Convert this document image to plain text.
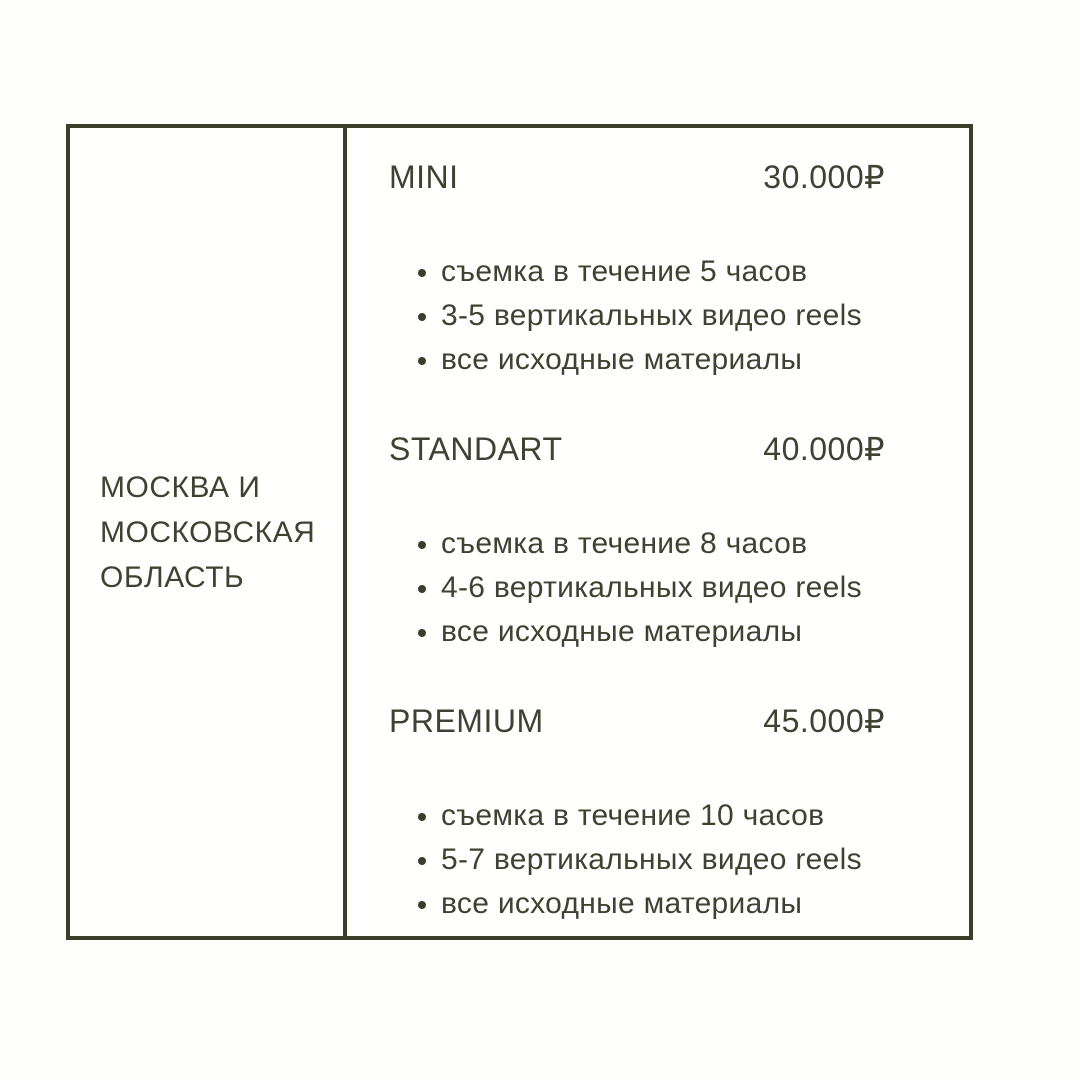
МОСКВА И
МОСКОВСКАЯ
ОБЛАСТЬ
MINI	30.000₽
• съемка в течение 5 часов
• 3-5 вертикальных видео reels
• все исходные материалы
STANDART	40.000₽
• съемка в течение 8 часов
• 4-6 вертикальных видео reels
• все исходные материалы
PREMIUM	45.000₽
• съемка в течение 10 часов
• 5-7 вертикальных видео reels
• все исходные материалы
